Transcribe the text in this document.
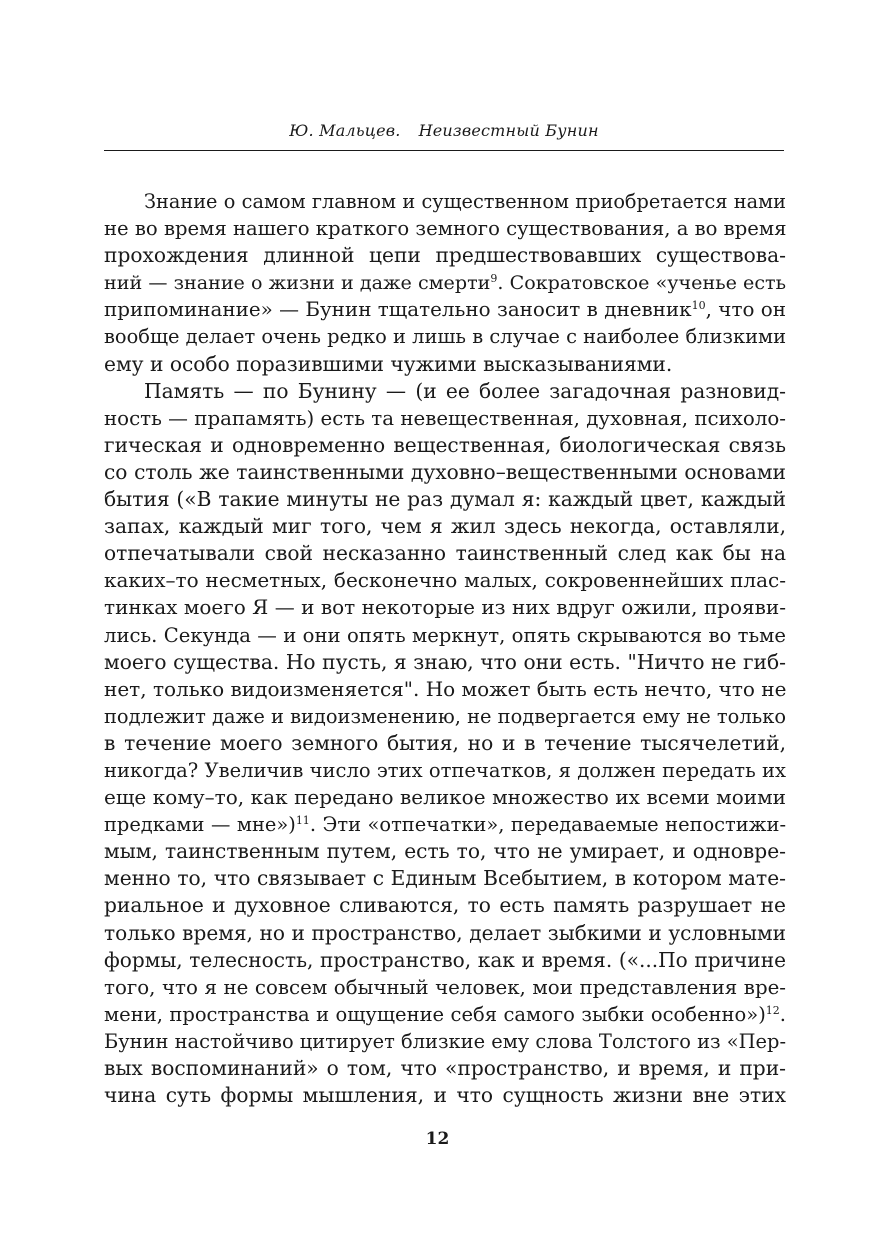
Ю. Мальцев. Неизвестный Бунин
Знание о самом главном и существенном приобретается нами
не во время нашего краткого земного существования, а во время
прохождения длинной цепи предшествовавших существова-
ний — знание о жизни и даже смерти$^9$. Сократовское «ученье есть
припоминание» — Бунин тщательно заносит в дневник$^{10}$, что он
вообще делает очень редко и лишь в случае с наиболее близкими
ему и особо поразившими чужими высказываниями.
Память — по Бунину — (и ее более загадочная разновид-
ность — прапамять) есть та невещественная, духовная, психоло-
гическая и одновременно вещественная, биологическая связь
со столь же таинственными духовно–вещественными основами
бытия («В такие минуты не раз думал я: каждый цвет, каждый
запах, каждый миг того, чем я жил здесь некогда, оставляли,
отпечатывали свой несказанно таинственный след как бы на
каких–то несметных, бесконечно малых, сокровеннейших плас-
тинках моего Я — и вот некоторые из них вдруг ожили, прояви-
лись. Секунда — и они опять меркнут, опять скрываются во тьме
моего существа. Но пусть, я знаю, что они есть. "Ничто не гиб-
нет, только видоизменяется". Но может быть есть нечто, что не
подлежит даже и видоизменению, не подвергается ему не только
в течение моего земного бытия, но и в течение тысячелетий,
никогда? Увеличив число этих отпечатков, я должен передать их
еще кому–то, как передано великое множество их всеми моими
предками — мне»)$^{11}$. Эти «отпечатки», передаваемые непостижи-
мым, таинственным путем, есть то, что не умирает, и одновре-
менно то, что связывает с Единым Всебытием, в котором мате-
риальное и духовное сливаются, то есть память разрушает не
только время, но и пространство, делает зыбкими и условными
формы, телесность, пространство, как и время. («...По причине
того, что я не совсем обычный человек, мои представления вре-
мени, пространства и ощущение себя самого зыбки особенно»)$^{12}$.
Бунин настойчиво цитирует близкие ему слова Толстого из «Пер-
вых воспоминаний» о том, что «пространство, и время, и при-
чина суть формы мышления, и что сущность жизни вне этих
12
